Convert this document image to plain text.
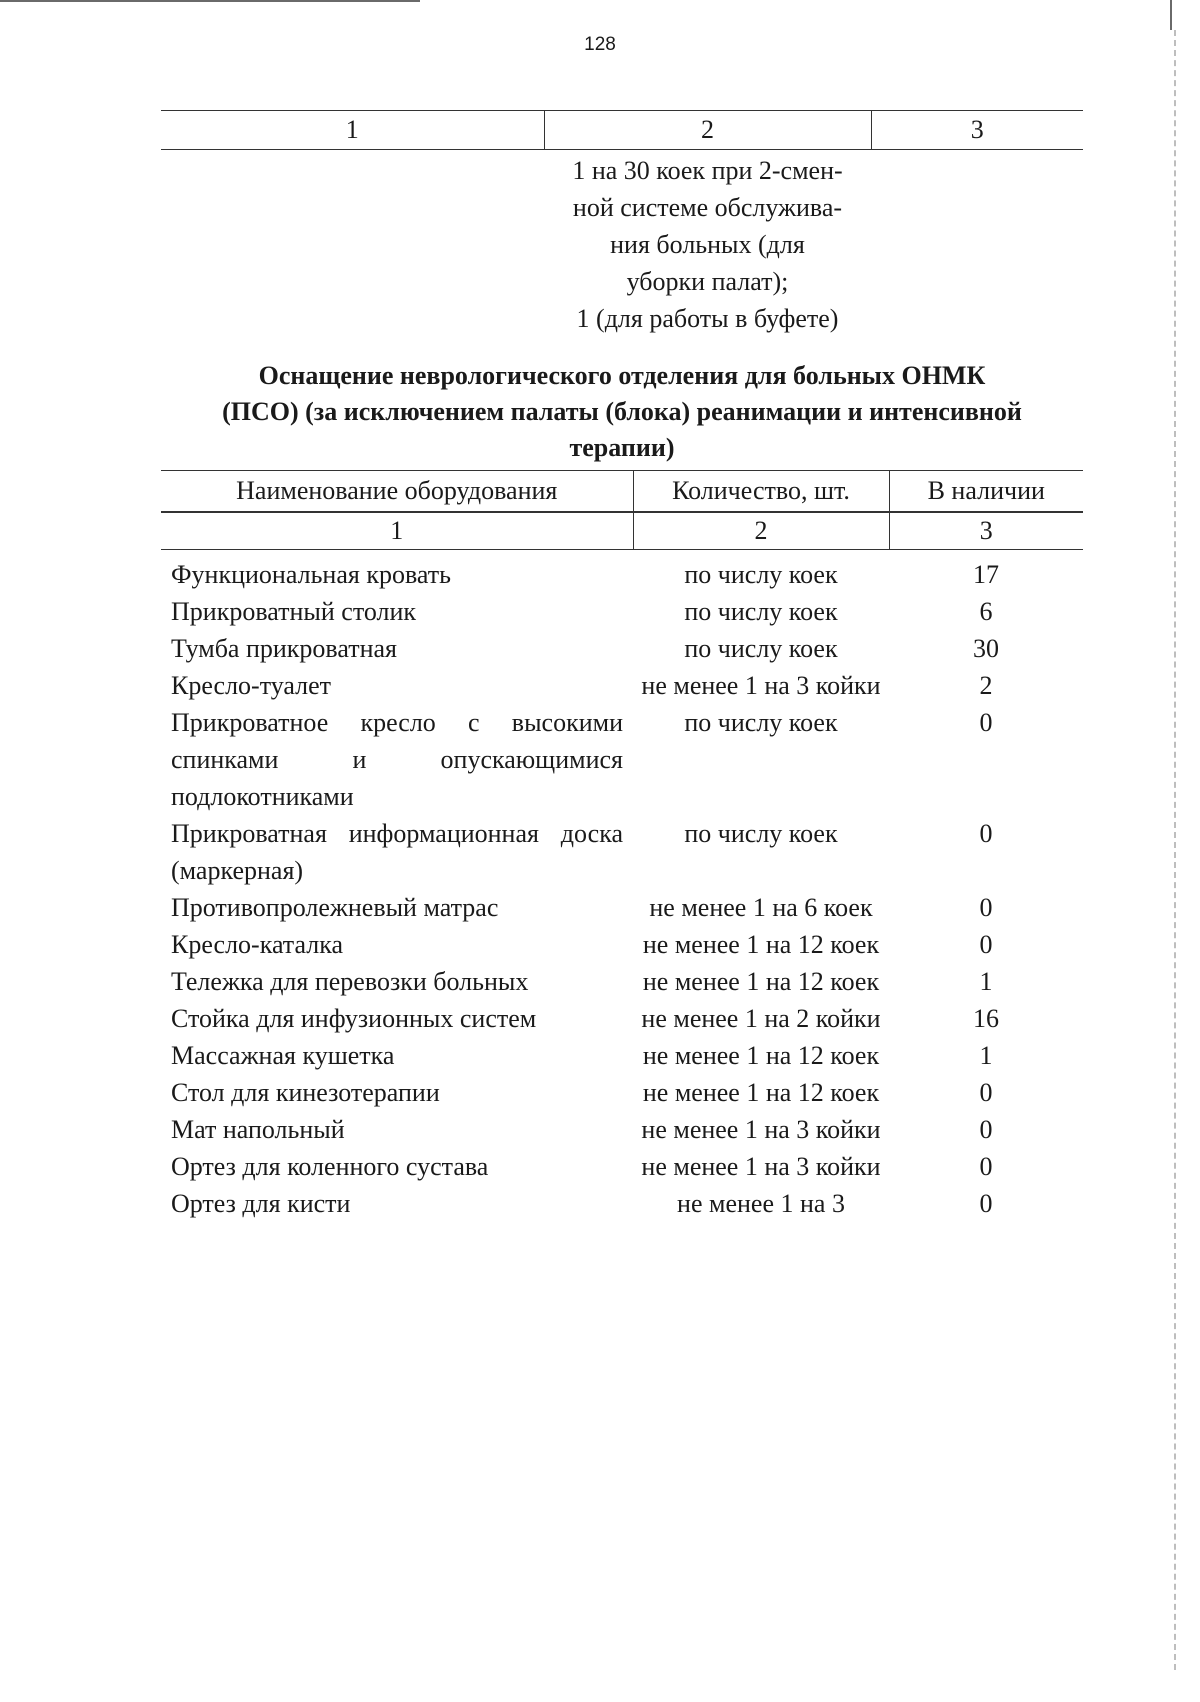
128
1	2	3

	1 на 30 коек при 2-смен-
ной системе обслужива-
ния больных (для
уборки палат);
1 (для работы в буфете)	

Оснащение неврологического отделения для больных ОНМК
(ПСО) (за исключением палаты (блока) реанимации и интенсивной
терапии)
Наименование оборудования	Количество, шт.	В наличии
1	2	3
Функциональная кровать	по числу коек	17
Прикроватный столик	по числу коек	6
Тумба прикроватная	по числу коек	30
Кресло-туалет	не менее 1 на 3 койки	2
Прикроватное кресло с высокими спинками и опускающимися подлокотниками	по числу коек	0
Прикроватная информационная доска (маркерная)	по числу коек	0
Противопролежневый матрас	не менее 1 на 6 коек	0
Кресло-каталка	не менее 1 на 12 коек	0
Тележка для перевозки больных	не менее 1 на 12 коек	1
Стойка для инфузионных систем	не менее 1 на 2 койки	16
Массажная кушетка	не менее 1 на 12 коек	1
Стол для кинезотерапии	не менее 1 на 12 коек	0
Мат напольный	не менее 1 на 3 койки	0
Ортез для коленного сустава	не менее 1 на 3 койки	0
Ортез для кисти	не менее 1 на 3	0
